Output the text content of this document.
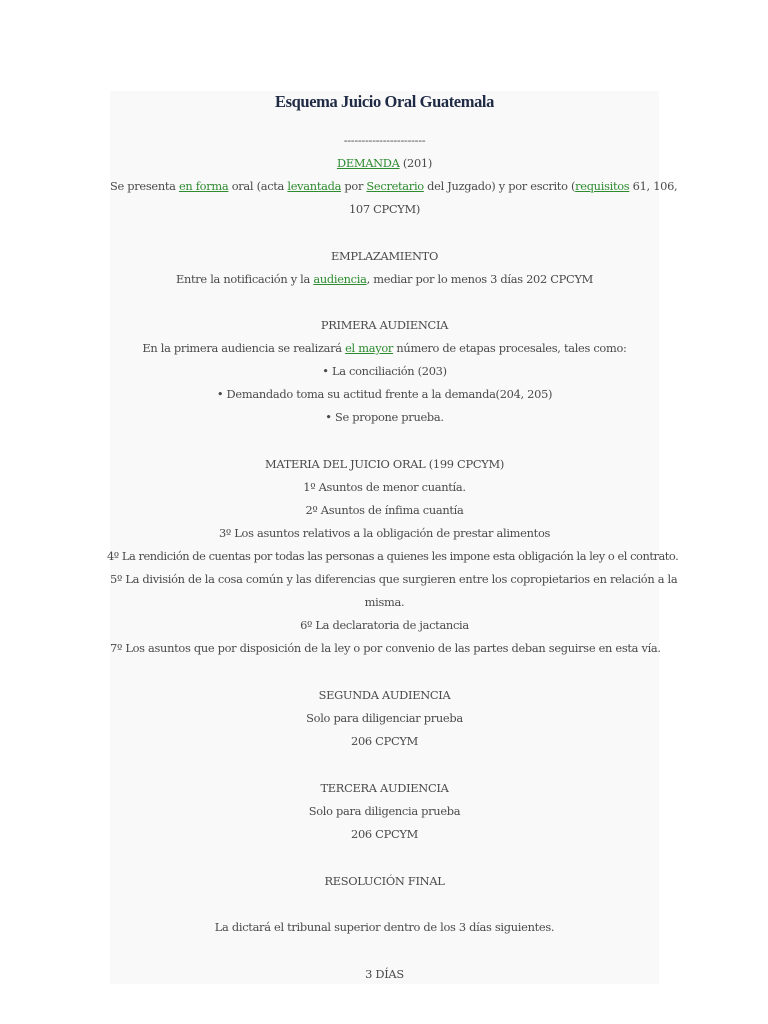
Esquema Juicio Oral Guatemala
-----------------------
DEMANDA (201)
Se presenta en forma oral (acta levantada por Secretario del Juzgado) y por escrito (requisitos 61, 106,
107 CPCYM)
EMPLAZAMIENTO
Entre la notificación y la audiencia, mediar por lo menos 3 días 202 CPCYM
PRIMERA AUDIENCIA
En la primera audiencia se realizará el mayor número de etapas procesales, tales como:
• La conciliación (203)
• Demandado toma su actitud frente a la demanda(204, 205)
• Se propone prueba.
MATERIA DEL JUICIO ORAL (199 CPCYM)
1º Asuntos de menor cuantía.
2º Asuntos de ínfima cuantía
3º Los asuntos relativos a la obligación de prestar alimentos
4º La rendición de cuentas por todas las personas a quienes les impone esta obligación la ley o el contrato.
5º La división de la cosa común y las diferencias que surgieren entre los copropietarios en relación a la
misma.
6º La declaratoria de jactancia
7º Los asuntos que por disposición de la ley o por convenio de las partes deban seguirse en esta vía.
SEGUNDA AUDIENCIA
Solo para diligenciar prueba
206 CPCYM
TERCERA AUDIENCIA
Solo para diligencia prueba
206 CPCYM
RESOLUCIÓN FINAL
La dictará el tribunal superior dentro de los 3 días siguientes.
3 DÍAS
